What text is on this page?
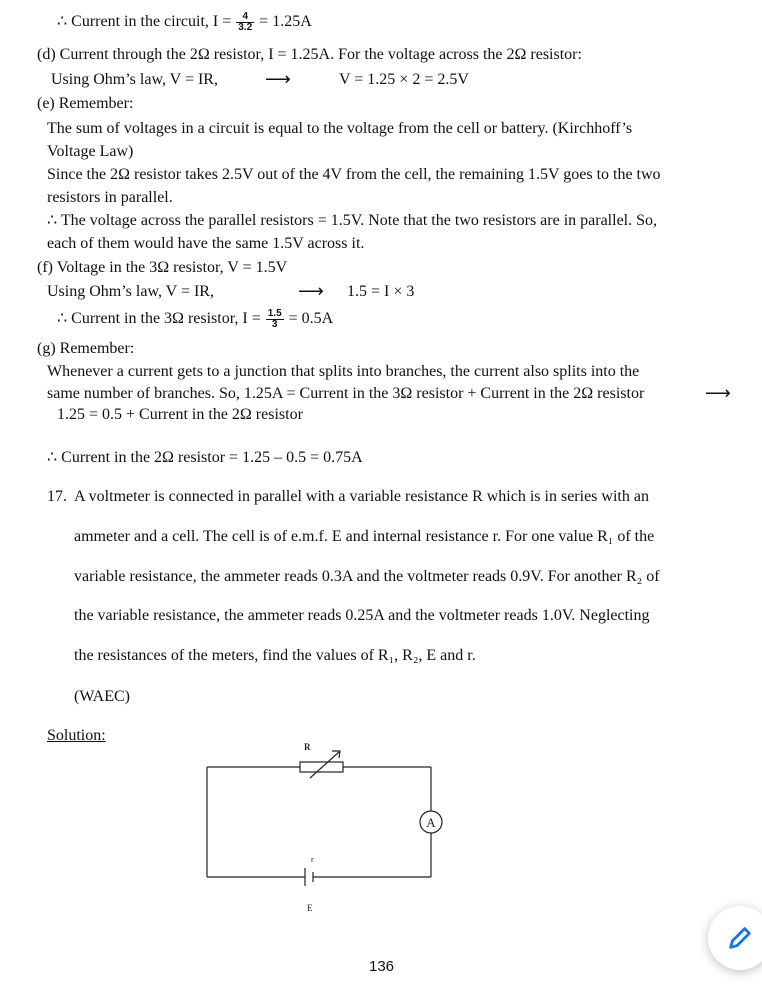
∴ Current in the circuit, $I = \frac{4}{3.2} = 1.25A$
(d) Current through the 2Ω resistor, I = 1.25A. For the voltage across the 2Ω resistor:
Using Ohm’s law, V = IR,	⟶	V = 1.25 × 2 = 2.5V
(e) Remember:
The sum of voltages in a circuit is equal to the voltage from the cell or battery. (Kirchhoff’s
Voltage Law)
Since the 2Ω resistor takes 2.5V out of the 4V from the cell, the remaining 1.5V goes to the two
resistors in parallel.
∴ The voltage across the parallel resistors = 1.5V. Note that the two resistors are in parallel. So,
each of them would have the same 1.5V across it.
(f) Voltage in the 3Ω resistor, V = 1.5V
Using Ohm’s law, V = IR,	⟶ 1.5 = I × 3
∴ Current in the 3Ω resistor, $I = \frac{1.5}{3} = 0.5A$
(g) Remember:
Whenever a current gets to a junction that splits into branches, the current also splits into the
same number of branches. So, 1.25A = Current in the 3Ω resistor + Current in the 2Ω resistor	⟶
1.25 = 0.5 + Current in the 2Ω resistor
∴ Current in the 2Ω resistor = 1.25 – 0.5 = 0.75A
17. A voltmeter is connected in parallel with a variable resistance R which is in series with an
ammeter and a cell. The cell is of e.m.f. E and internal resistance r. For one value R₁ of the
variable resistance, the ammeter reads 0.3A and the voltmeter reads 0.9V. For another R₂ of
the variable resistance, the ammeter reads 0.25A and the voltmeter reads 1.0V. Neglecting
the resistances of the meters, find the values of R₁, R₂, E and r.
(WAEC)
Solution:
R
A
r
E
136
